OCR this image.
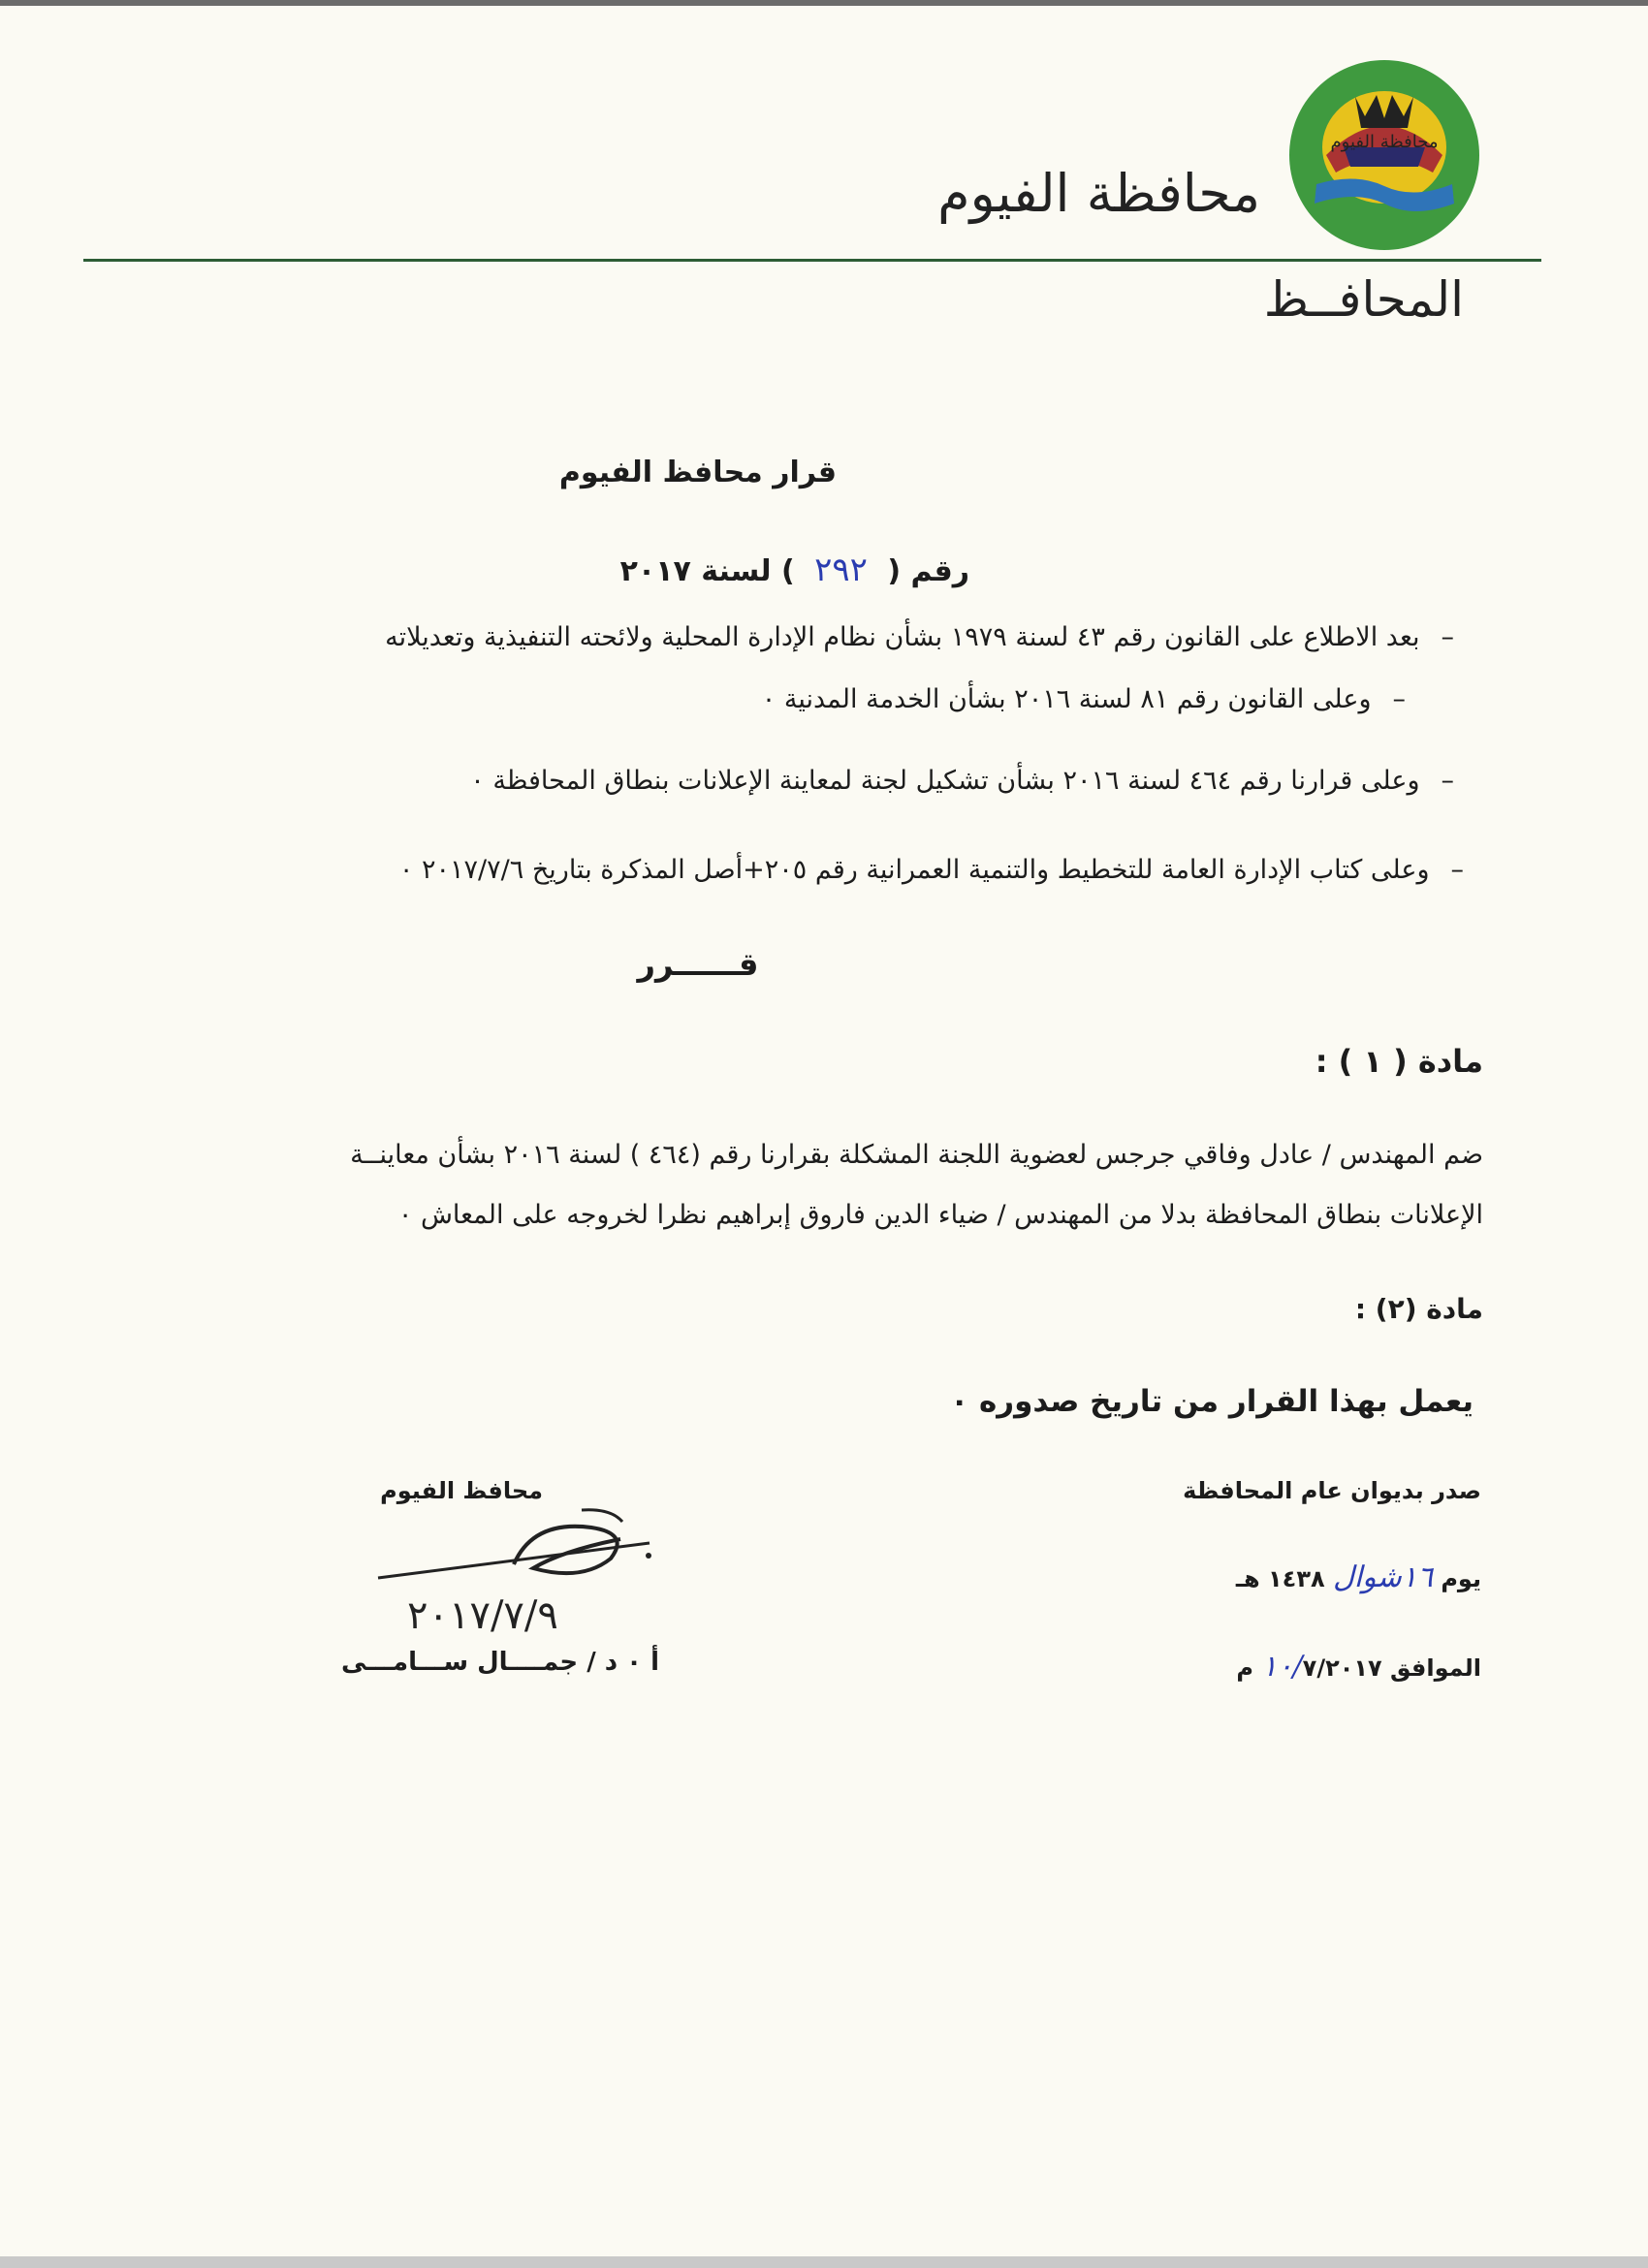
محافظة الفيوم
محافظة الفيوم
المحافــظ
قرار محافظ الفيوم
رقم ( ٢٩٢ ) لسنة ٢٠١٧
–بعد الاطلاع على القانون رقم ٤٣ لسنة ١٩٧٩ بشأن نظام الإدارة المحلية ولائحته التنفيذية وتعديلاته
–وعلى القانون رقم ٨١ لسنة ٢٠١٦ بشأن الخدمة المدنية ٠
–وعلى قرارنا رقم ٤٦٤ لسنة ٢٠١٦ بشأن تشكيل لجنة لمعاينة الإعلانات بنطاق المحافظة ٠
–وعلى كتاب الإدارة العامة للتخطيط والتنمية العمرانية رقم ٢٠٥+أصل المذكرة بتاريخ ٢٠١٧/٧/٦ ٠
قــــــرر
مادة ( ١ ) :
ضم المهندس / عادل وفاقي جرجس لعضوية اللجنة المشكلة بقرارنا رقم (٤٦٤ ) لسنة ٢٠١٦ بشأن معاينــة
الإعلانات بنطاق المحافظة بدلا من المهندس / ضياء الدين فاروق إبراهيم نظرا لخروجه على المعاش ٠
مادة (٢) :
يعمل بهذا القرار من تاريخ صدوره ٠
صدر بديوان عام المحافظة
يوم ١٦شوال ١٤٣٨ هـ
الموافق ١٠/٧/٢٠١٧ م
محافظ الفيوم
٢٠١٧/٧/٩
أ ٠ د / جمــــال ســـامـــى
